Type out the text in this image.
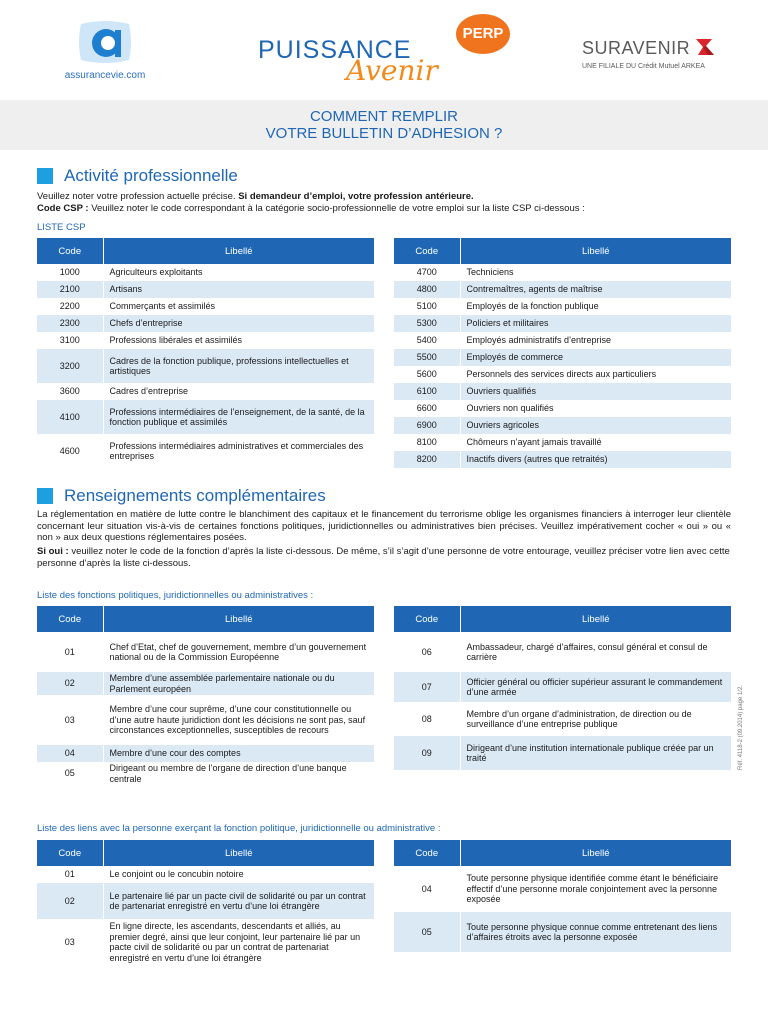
assurancevie.com
PUISSANCE
Avenir
PERP
SURAVENIR
UNE FILIALE DU Crédit Mutuel ARKEA
COMMENT REMPLIR
VOTRE BULLETIN D’ADHESION ?
Activité professionnelle
Veuillez noter votre profession actuelle précise. Si demandeur d’emploi, votre profession antérieure.
Code CSP : Veuillez noter le code correspondant à la catégorie socio-professionnelle de votre emploi sur la liste CSP ci-dessous :
LISTE CSP
Code	Libellé
1000	Agriculteurs exploitants
2100	Artisans
2200	Commerçants et assimilés
2300	Chefs d’entreprise
3100	Professions libérales et assimilés
3200	Cadres de la fonction publique, professions intellectuelles et artistiques
3600	Cadres d’entreprise
4100	Professions intermédiaires de l’enseignement, de la santé, de la fonction publique et assimilés
4600	Professions intermédiaires administratives et commerciales des entreprises
Code	Libellé
4700	Techniciens
4800	Contremaîtres, agents de maîtrise
5100	Employés de la fonction publique
5300	Policiers et militaires
5400	Employés administratifs d’entreprise
5500	Employés de commerce
5600	Personnels des services directs aux particuliers
6100	Ouvriers qualifiés
6600	Ouvriers non qualifiés
6900	Ouvriers agricoles
8100	Chômeurs n’ayant jamais travaillé
8200	Inactifs divers (autres que retraités)
Renseignements complémentaires
La réglementation en matière de lutte contre le blanchiment des capitaux et le financement du terrorisme oblige les organismes financiers à interroger leur clientèle concernant leur situation vis-à-vis de certaines fonctions politiques, juridictionnelles ou administratives bien précises. Veuillez impérativement cocher « oui » ou « non » aux deux questions réglementaires posées.
Si oui : veuillez noter le code de la fonction d’après la liste ci-dessous. De même, s’il s’agit d’une personne de votre entourage, veuillez préciser votre lien avec cette personne d’après la liste ci-dessous.
Liste des fonctions politiques, juridictionnelles ou administratives :
Code	Libellé
01	Chef d’Etat, chef de gouvernement, membre d’un gouvernement national ou de la Commission Européenne
02	Membre d’une assemblée parlementaire nationale ou du Parlement européen
03	Membre d’une cour suprême, d’une cour constitutionnelle ou d’une autre haute juridiction dont les décisions ne sont pas, sauf circonstances exceptionnelles, susceptibles de recours
04	Membre d’une cour des comptes
05	Dirigeant ou membre de l’organe de direction d’une banque centrale
Code	Libellé
06	Ambassadeur, chargé d’affaires, consul général et consul de carrière
07	Officier général ou officier supérieur assurant le commandement d’une armée
08	Membre d’un organe d’administration, de direction ou de surveillance d’une entreprise publique
09	Dirigeant d’une institution internationale publique créée par un traité
Liste des liens avec la personne exerçant la fonction politique, juridictionnelle ou administrative :
Code	Libellé
01	Le conjoint ou le concubin notoire
02	Le partenaire lié par un pacte civil de solidarité ou par un contrat de partenariat enregistré en vertu d’une loi étrangère
03	En ligne directe, les ascendants, descendants et alliés, au premier degré, ainsi que leur conjoint, leur partenaire lié par un pacte civil de solidarité ou par un contrat de partenariat enregistré en vertu d’une loi étrangère
Code	Libellé
04	Toute personne physique identifiée comme étant le bénéficiaire effectif d’une personne morale conjointement avec la personne exposée
05	Toute personne physique connue comme entretenant des liens d’affaires étroits avec la personne exposée
Réf. 4118-2 (09.2014) page 1/2.
